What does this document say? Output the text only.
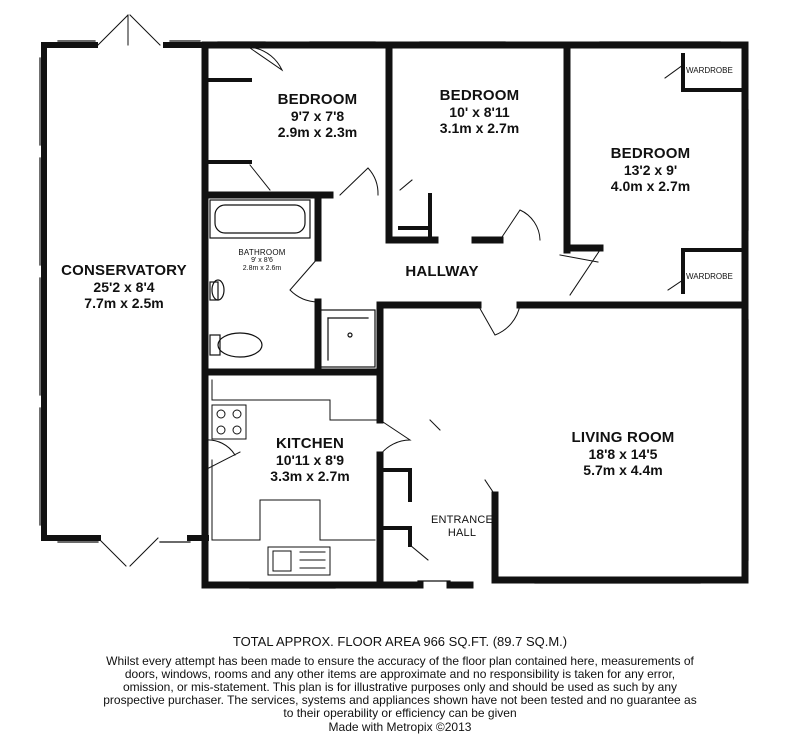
CONSERVATORY
25'2 x 8'4
7.7m x 2.5m
BEDROOM
9'7 x 7'8
2.9m x 2.3m
BEDROOM
10' x 8'11
3.1m x 2.7m
BEDROOM
13'2 x 9'
4.0m x 2.7m
BATHROOM
9' x 8'6
2.8m x 2.6m	HALLWAY
KITCHEN
10'11 x 8'9
3.3m x 2.7m
LIVING ROOM
18'8 x 14'5
5.7m x 4.4m
ENTRANCE
HALL
WARDROBE
WARDROBE
TOTAL APPROX. FLOOR AREA 966 SQ.FT. (89.7 SQ.M.)
Whilst every attempt has been made to ensure the accuracy of the floor plan contained here, measurements of doors, windows, rooms and any other items are approximate and no responsibility is taken for any error, omission, or mis-statement. This plan is for illustrative purposes only and should be used as such by any prospective purchaser. The services, systems and appliances shown have not been tested and no guarantee as to their operability or efficiency can be given
Made with Metropix ©2013
